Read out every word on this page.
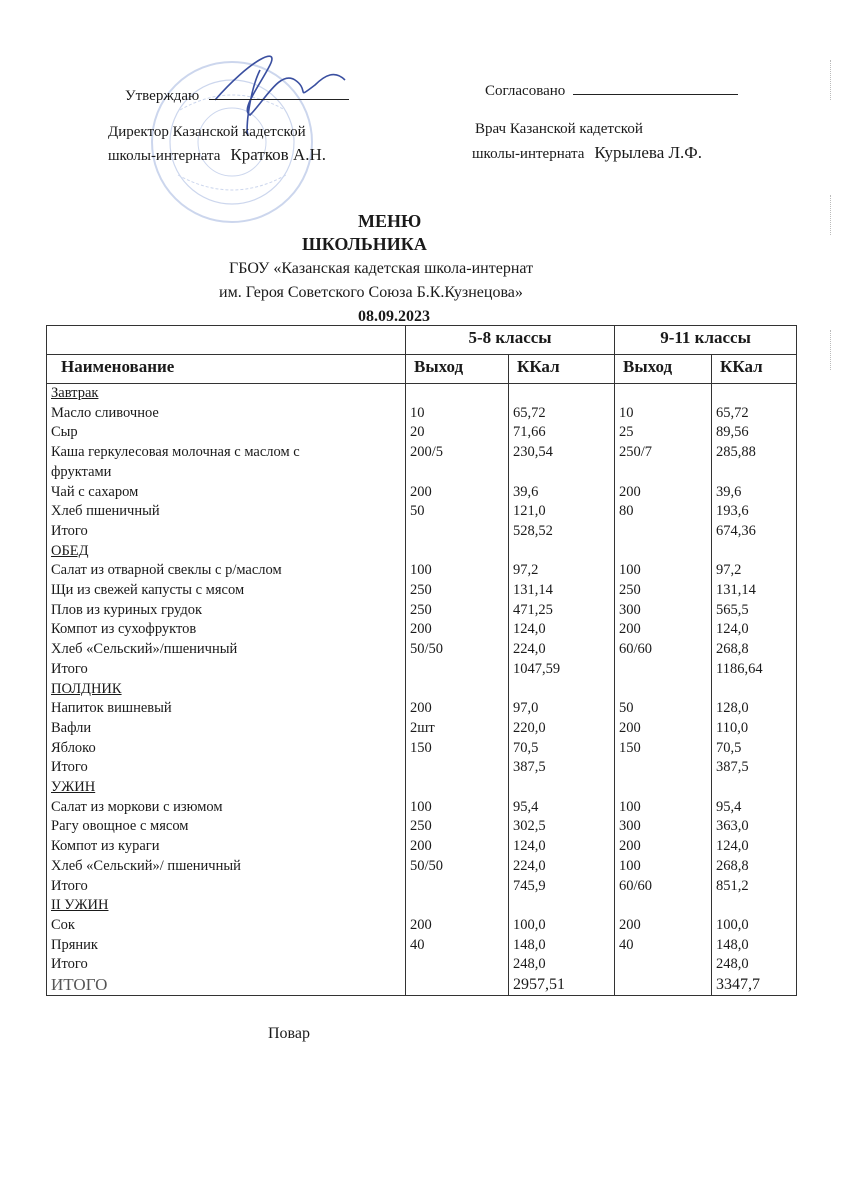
Утверждаю
Директор Казанской кадетской
школы-интерната Кратков А.Н.
Согласовано
Врач Казанской кадетской
школы-интерната Курылева Л.Ф.
МЕНЮ
ШКОЛЬНИКА
ГБОУ «Казанская кадетская школа-интернат
им. Героя Советского Союза Б.К.Кузнецова»
08.09.2023
	5-8 классы		9-11 классы	
Наименование	Выход	ККал	Выход	ККал
Завтрак				
Масло сливочное	10	65,72	10	65,72
Сыр	20	71,66	25	89,56
Каша геркулесовая молочная с маслом с	200/5	230,54	250/7	285,88
фруктами				
Чай с сахаром	200	39,6	200	39,6
Хлеб пшеничный	50	121,0	80	193,6
Итого		528,52		674,36
ОБЕД				
Салат из отварной свеклы с р/маслом	100	97,2	100	97,2
Щи из свежей капусты с мясом	250	131,14	250	131,14
Плов из куриных грудок	250	471,25	300	565,5
Компот из сухофруктов	200	124,0	200	124,0
Хлеб «Сельский»/пшеничный	50/50	224,0	60/60	268,8
Итого		1047,59		1186,64
ПОЛДНИК				
Напиток вишневый	200	97,0	50	128,0
Вафли	2шт	220,0	200	110,0
Яблоко	150	70,5	150	70,5
Итого		387,5		387,5
УЖИН				
Салат из моркови с изюмом	100	95,4	100	95,4
Рагу овощное с мясом	250	302,5	300	363,0
Компот из кураги	200	124,0	200	124,0
Хлеб «Сельский»/ пшеничный	50/50	224,0	100	268,8
Итого		745,9	60/60	851,2
II УЖИН				
Сок	200	100,0	200	100,0
Пряник	40	148,0	40	148,0
Итого		248,0		248,0
ИТОГО		2957,51		3347,7
Повар
